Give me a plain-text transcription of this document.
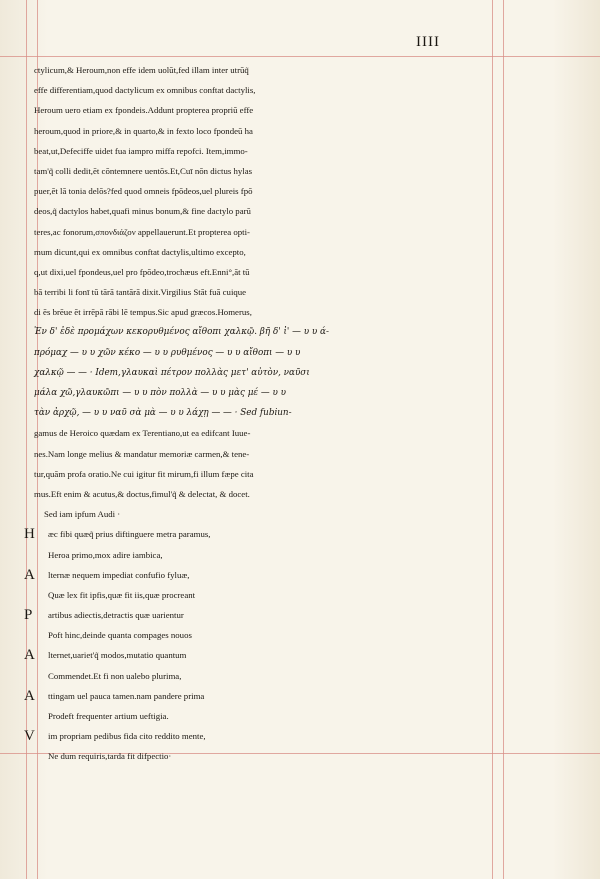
IIII
ctylicum,& Heroum,non effe idem uolūt,fed illam inter utrūq̃
effe differentiam,quod dactylicum ex omnibus conftat dactylis,
Heroum uero etiam ex fpondeis.Addunt propterea propriū effe
heroum,quod in priore,& in quarto,& in fexto loco fpondeū ha
beat,ut,Defeciffe uidet fua iampro miffa repofci. Item,immo-
tam'q̃ colli dedit,ēt cōntemnere uentōs.Et,Cuī nōn dictus hylas
puer,ēt lā tonia delōs?fed quod omneis fpōdeos,uel plureis fpō
deos,q̃ dactylos habet,quafi minus bonum,& fine dactylo parū
teres,ac fonorum,σπονδιάζον appellauerunt.Et propterea opti-
mum dicunt,qui ex omnibus conftat dactylis,ultimo excepto,
q,ut dixi,uel fpondeus,uel pro fpōdeo,trochæus eft.Enni°,āt tū
bā terribi li fonī tū tārā tantārā dixit.Virgilius Stāt fuā cuique
di ēs brēue ēt irrēpā rābi lē tempus.Sic apud græcos.Homerus,
Ἐν δ' ἐδὲ προμάχων κεκορυθμένος αἴθοπι χαλκῷ. βῆ δ' ἰ' — υ υ ά-
πρόμαχ — υ υ χῶν κέκο — υ υ ρυθμένος — υ υ αἴθοπι — υ υ
χαλκῷ — — · Idem,γλαυκαὶ πέτρον πολλὰς μετ' αὐτὸν, ναῦσι
μάλα χῶ,γλαυκῶπι — υ υ πὸν πολλὰ — υ υ μὰς μέ — υ υ
τὰν ἀρχῷ, — υ υ ναῦ σὰ μὰ — υ υ λάχῃ — — · Sed fubiun-
gamus de Heroico quædam ex Terentiano,ut ea edifcant Iuue-
nes.Nam longe melius & mandatur memoriæ carmen,& tene-
tur,quām profa oratio.Ne cui igitur fit mirum,fi illum fæpe cita
mus.Eft enim & acutus,& doctus,fimul'q̃ & delectat, & docet.
Sed iam ipfum Audi ·
H æc fibi quæq̃ prius diftinguere metra paramus,
Heroa primo,mox adire iambica,
A lternæ nequem impediat confufio fyluæ,
Quæ lex fit ipfis,quæ fit iis,quæ procreant
P artibus adiectis,detractis quæ uarientur
Poft hinc,deinde quanta compages nouos
A lternet,uariet'q̃ modos,mutatio quantum
Commendet.Et fi non ualebo plurima,
A ttingam uel pauca tamen.nam pandere prima
Prodeft frequenter artium ueftigia.
V im propriam pedibus fida cito reddito mente,
Ne dum requiris,tarda fit difpectio·
